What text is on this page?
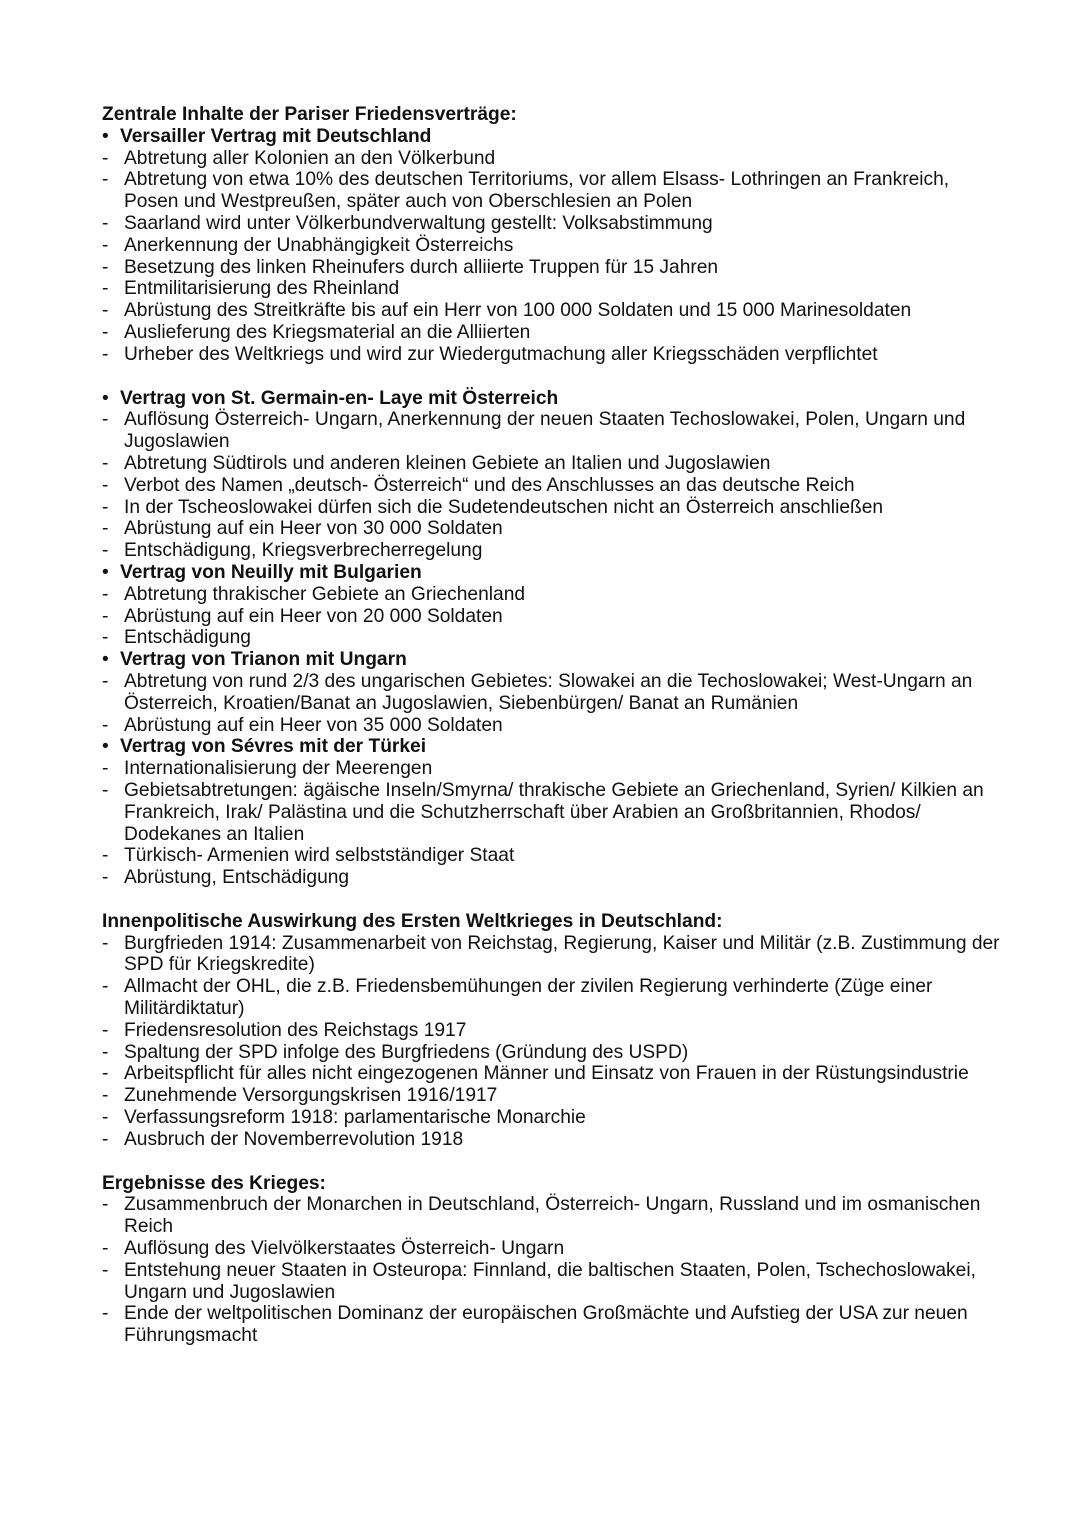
Zentrale Inhalte der Pariser Friedensverträge:
• Versailler Vertrag mit Deutschland
- Abtretung aller Kolonien an den Völkerbund
- Abtretung von etwa 10% des deutschen Territoriums, vor allem Elsass- Lothringen an Frankreich, Posen und Westpreußen, später auch von Oberschlesien an Polen
- Saarland wird unter Völkerbundverwaltung gestellt: Volksabstimmung
- Anerkennung der Unabhängigkeit Österreichs
- Besetzung des linken Rheinufers durch alliierte Truppen für 15 Jahren
- Entmilitarisierung des Rheinland
- Abrüstung des Streitkräfte bis auf ein Herr von 100 000 Soldaten und 15 000 Marinesoldaten
- Auslieferung des Kriegsmaterial an die Alliierten
- Urheber des Weltkriegs und wird zur Wiedergutmachung aller Kriegsschäden verpflichtet
• Vertrag von St. Germain-en- Laye mit Österreich
- Auflösung Österreich- Ungarn, Anerkennung der neuen Staaten Techoslowakei, Polen, Ungarn und Jugoslawien
- Abtretung Südtirols und anderen kleinen Gebiete an Italien und Jugoslawien
- Verbot des Namen „deutsch- Österreich“ und des Anschlusses an das deutsche Reich
- In der Tscheoslowakei dürfen sich die Sudetendeutschen nicht an Österreich anschließen
- Abrüstung auf ein Heer von 30 000 Soldaten
- Entschädigung, Kriegsverbrecherregelung
• Vertrag von Neuilly mit Bulgarien
- Abtretung thrakischer Gebiete an Griechenland
- Abrüstung auf ein Heer von 20 000 Soldaten
- Entschädigung
• Vertrag von Trianon mit Ungarn
- Abtretung von rund 2/3 des ungarischen Gebietes: Slowakei an die Techoslowakei; West-Ungarn an Österreich, Kroatien/Banat an Jugoslawien, Siebenbürgen/ Banat an Rumänien
- Abrüstung auf ein Heer von 35 000 Soldaten
• Vertrag von Sévres mit der Türkei
- Internationalisierung der Meerengen
- Gebietsabtretungen: ägäische Inseln/Smyrna/ thrakische Gebiete an Griechenland, Syrien/ Kilkien an Frankreich, Irak/ Palästina und die Schutzherrschaft über Arabien an Großbritannien, Rhodos/ Dodekanes an Italien
- Türkisch- Armenien wird selbstständiger Staat
- Abrüstung, Entschädigung
Innenpolitische Auswirkung des Ersten Weltkrieges in Deutschland:
- Burgfrieden 1914: Zusammenarbeit von Reichstag, Regierung, Kaiser und Militär (z.B. Zustimmung der SPD für Kriegskredite)
- Allmacht der OHL, die z.B. Friedensbemühungen der zivilen Regierung verhinderte (Züge einer Militärdiktatur)
- Friedensresolution des Reichstags 1917
- Spaltung der SPD infolge des Burgfriedens (Gründung des USPD)
- Arbeitspflicht für alles nicht eingezogenen Männer und Einsatz von Frauen in der Rüstungsindustrie
- Zunehmende Versorgungskrisen 1916/1917
- Verfassungsreform 1918: parlamentarische Monarchie
- Ausbruch der Novemberrevolution 1918
Ergebnisse des Krieges:
- Zusammenbruch der Monarchen in Deutschland, Österreich- Ungarn, Russland und im osmanischen Reich
- Auflösung des Vielvölkerstaates Österreich- Ungarn
- Entstehung neuer Staaten in Osteuropa: Finnland, die baltischen Staaten, Polen, Tschechoslowakei, Ungarn und Jugoslawien
- Ende der weltpolitischen Dominanz der europäischen Großmächte und Aufstieg der USA zur neuen Führungsmacht
